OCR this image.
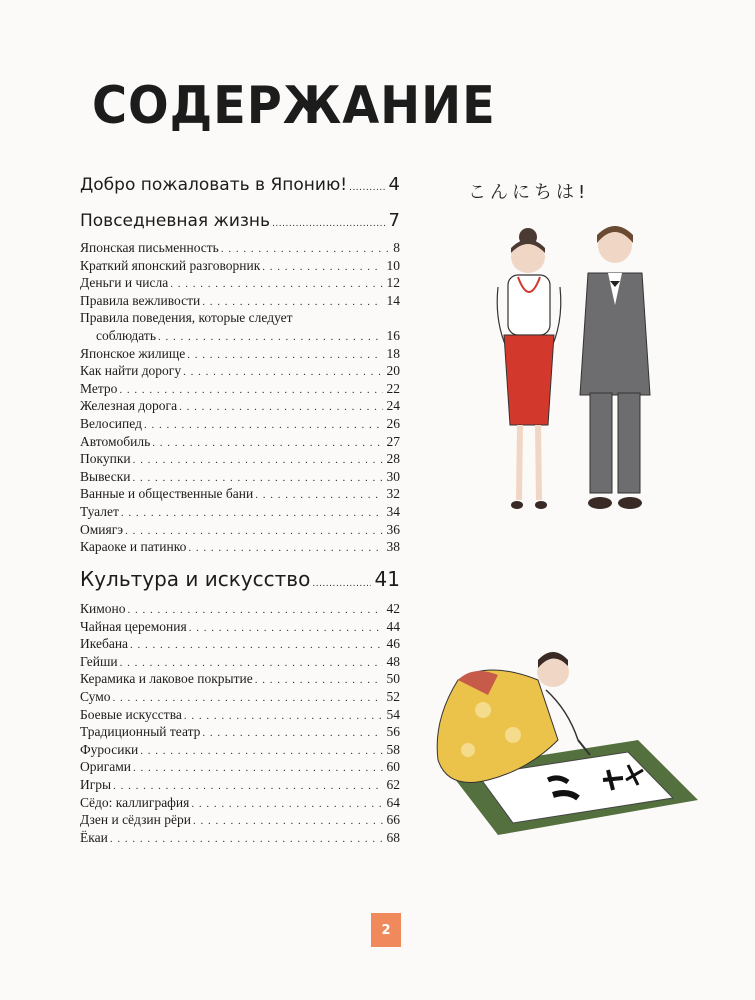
СОДЕРЖАНИЕ
Добро пожаловать в Японию! ..... 4
Повседневная жизнь .....	7
Японская письменность . . .	8
Краткий японский разговорник . . .	10
Деньги и числа . . .	12
Правила вежливости . . .	14
Правила поведения, которые следует
соблюдать . . .	16
Японское жилище . . .	18
Как найти дорогу . . .	20
Метро . . .	22
Железная дорога . . .	24
Велосипед . . .	26
Автомобиль . . .	27
Покупки . . .	28
Вывески . . .	30
Ванные и общественные бани . . .	32
Туалет . . .	34
Омиягэ . . .	36
Караоке и патинко . . .	38
Культура и искусство .....	41
Кимоно . . .	42
Чайная церемония . . .	44
Икебана . . .	46
Гейши . . .	48
Керамика и лаковое покрытие . . .	50
Сумо . . .	52
Боевые искусства . . .	54
Традиционный театр . . .	56
Фуросики . . .	58
Оригами . . .	60
Игры . . .	62
Сёдо: каллиграфия . . .	64
Дзен и сёдзин рёри . . .	66
Ёкаи . . .	68
こんにちは!
2
